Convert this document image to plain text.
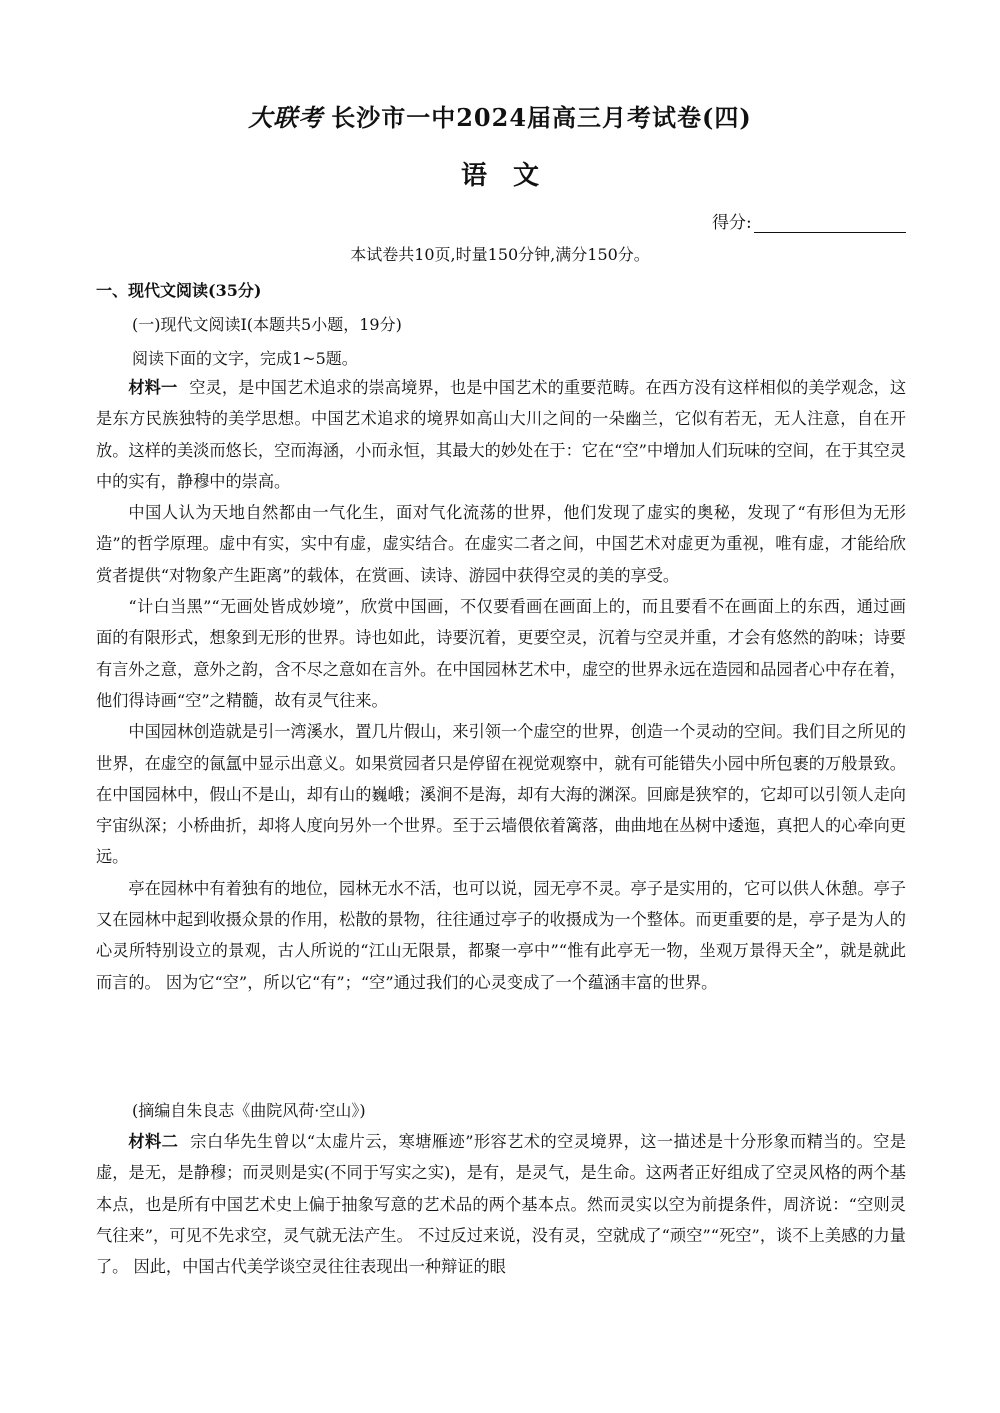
大联考 长沙市一中2024届高三月考试卷(四)
语　文
得分:
本试卷共10页,时量150分钟,满分150分。
一、现代文阅读(35分)
(一)现代文阅读Ⅰ(本题共5小题，19分)
阅读下面的文字，完成1~5题。

材料一 空灵，是中国艺术追求的崇高境界，也是中国艺术的重要范畴。在西方没有这样相似的美学观念，这是东方民族独特的美学思想。中国艺术追求的境界如高山大川之间的一朵幽兰，它似有若无，无人注意，自在开放。这样的美淡而悠长，空而海涵，小而永恒，其最大的妙处在于：它在“空”中增加人们玩味的空间，在于其空灵中的实有，静穆中的崇高。

中国人认为天地自然都由一气化生，面对气化流荡的世界，他们发现了虚实的奥秘，发现了“有形但为无形造”的哲学原理。虚中有实，实中有虚，虚实结合。在虚实二者之间，中国艺术对虚更为重视，唯有虚，才能给欣赏者提供“对物象产生距离”的载体，在赏画、读诗、游园中获得空灵的美的享受。

“计白当黑”“无画处皆成妙境”，欣赏中国画，不仅要看画在画面上的，而且要看不在画面上的东西，通过画面的有限形式，想象到无形的世界。诗也如此，诗要沉着，更要空灵，沉着与空灵并重，才会有悠然的韵味；诗要有言外之意，意外之韵，含不尽之意如在言外。在中国园林艺术中，虚空的世界永远在造园和品园者心中存在着，他们得诗画“空”之精髓，故有灵气往来。

中国园林创造就是引一湾溪水，置几片假山，来引领一个虚空的世界，创造一个灵动的空间。我们目之所见的世界，在虚空的氤氲中显示出意义。如果赏园者只是停留在视觉观察中，就有可能错失小园中所包裹的万般景致。在中国园林中，假山不是山，却有山的巍峨；溪涧不是海，却有大海的渊深。回廊是狭窄的，它却可以引领人走向宇宙纵深；小桥曲折，却将人度向另外一个世界。至于云墙偎依着篱落，曲曲地在丛树中逶迤，真把人的心牵向更远。

亭在园林中有着独有的地位，园林无水不活，也可以说，园无亭不灵。亭子是实用的，它可以供人休憩。亭子又在园林中起到收摄众景的作用，松散的景物，往往通过亭子的收摄成为一个整体。而更重要的是，亭子是为人的心灵所特别设立的景观，古人所说的“江山无限景，都聚一亭中”“惟有此亭无一物，坐观万景得天全”，就是就此而言的。 因为它“空”，所以它“有”；“空”通过我们的心灵变成了一个蕴涵丰富的世界。

(摘编自朱良志《曲院风荷·空山》)

材料二 宗白华先生曾以“太虚片云，寒塘雁迹”形容艺术的空灵境界，这一描述是十分形象而精当的。空是虚，是无，是静穆；而灵则是实(不同于写实之实)，是有，是灵气，是生命。这两者正好组成了空灵风格的两个基本点，也是所有中国艺术史上偏于抽象写意的艺术品的两个基本点。然而灵实以空为前提条件，周济说：“空则灵气往来”，可见不先求空，灵气就无法产生。 不过反过来说，没有灵，空就成了“顽空”“死空”，谈不上美感的力量了。 因此，中国古代美学谈空灵往往表现出一种辩证的眼
